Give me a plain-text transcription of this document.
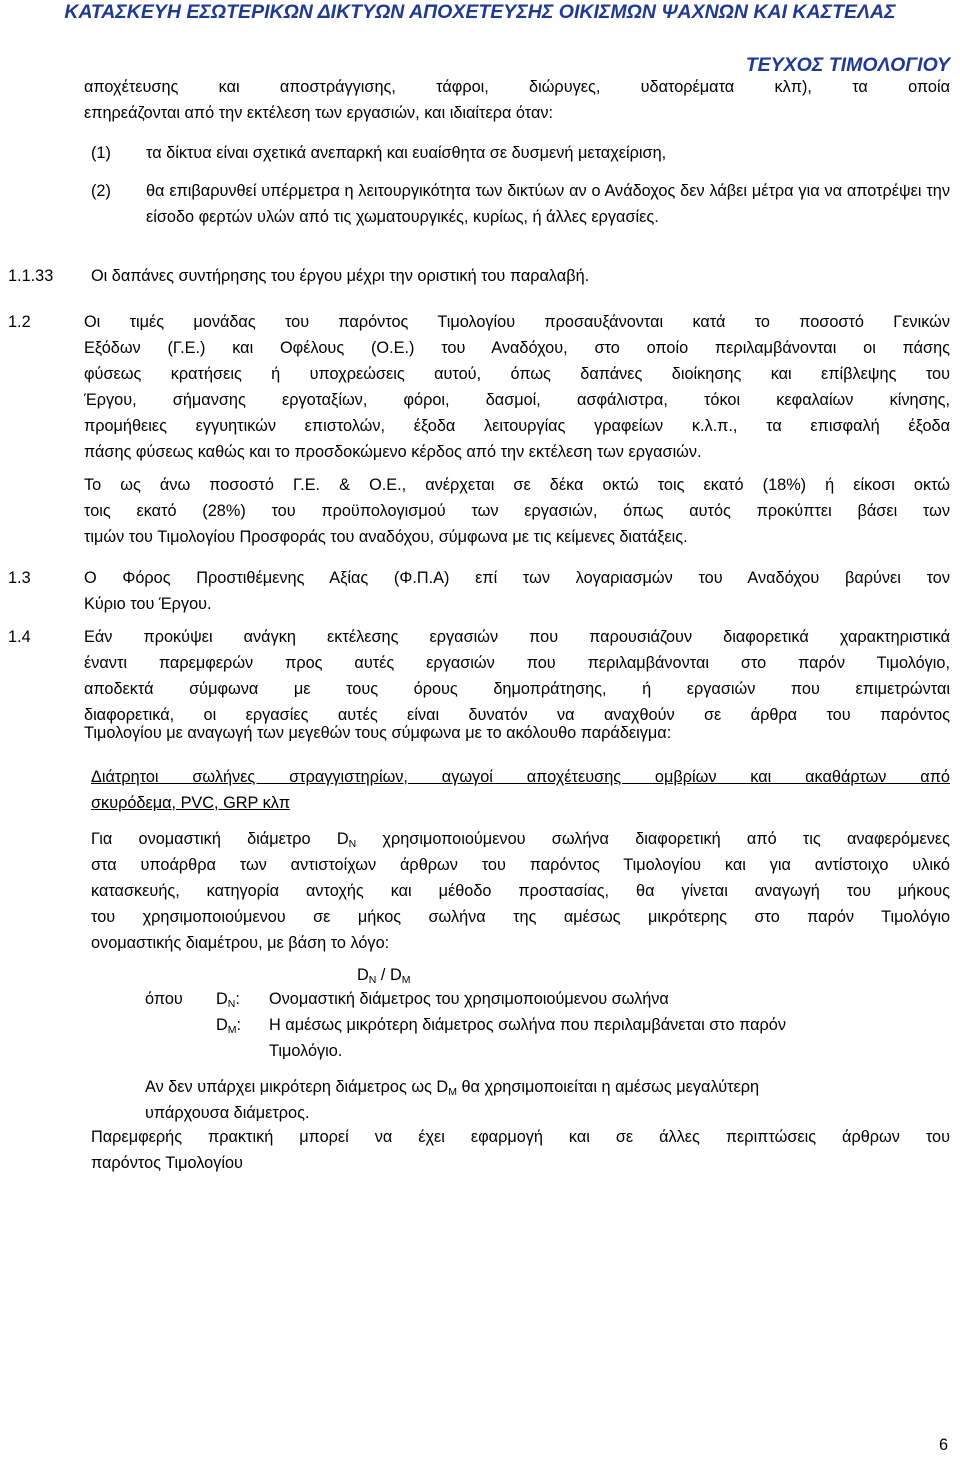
ΚΑΤΑΣΚΕΥΗ ΕΣΩΤΕΡΙΚΩΝ ΔΙΚΤΥΩΝ ΑΠΟΧΕΤΕΥΣΗΣ ΟΙΚΙΣΜΩΝ ΨΑΧΝΩΝ ΚΑΙ ΚΑΣΤΕΛΑΣ
ΤΕΥΧΟΣ ΤΙΜΟΛΟΓΙΟΥ
αποχέτευσης και αποστράγγισης, τάφροι, διώρυγες, υδατορέματα κλπ), τα οποία
επηρεάζονται από την εκτέλεση των εργασιών, και ιδιαίτερα όταν:
(1) τα δίκτυα είναι σχετικά ανεπαρκή και ευαίσθητα σε δυσμενή μεταχείριση,
(2) θα επιβαρυνθεί υπέρμετρα η λειτουργικότητα των δικτύων αν ο Ανάδοχος δεν λάβει μέτρα για να αποτρέψει την είσοδο φερτών υλών από τις χωματουργικές, κυρίως, ή άλλες εργασίες.
1.1.33 Οι δαπάνες συντήρησης του έργου μέχρι την οριστική του παραλαβή.
1.2	Οι τιμές μονάδας του παρόντος Τιμολογίου προσαυξάνονται κατά το ποσοστό Γενικών
Εξόδων (Γ.Ε.) και Οφέλους (Ο.Ε.) του Αναδόχου, στο οποίο περιλαμβάνονται οι πάσης
φύσεως κρατήσεις ή υποχρεώσεις αυτού, όπως δαπάνες διοίκησης και επίβλεψης του
Έργου, σήμανσης εργοταξίων, φόροι, δασμοί, ασφάλιστρα, τόκοι κεφαλαίων κίνησης,
προμήθειες εγγυητικών επιστολών, έξοδα λειτουργίας γραφείων κ.λ.π., τα επισφαλή έξοδα
πάσης φύσεως καθώς και το προσδοκώμενο κέρδος από την εκτέλεση των εργασιών.
Το ως άνω ποσοστό Γ.Ε. & Ο.Ε., ανέρχεται σε δέκα οκτώ τοις εκατό (18%) ή είκοσι οκτώ
τοις εκατό (28%) του προϋπολογισμού των εργασιών, όπως αυτός προκύπτει βάσει των
τιμών του Τιμολογίου Προσφοράς του αναδόχου, σύμφωνα με τις κείμενες διατάξεις.
1.3	Ο Φόρος Προστιθέμενης Αξίας (Φ.Π.Α) επί των λογαριασμών του Αναδόχου βαρύνει τον
Κύριο του Έργου.
1.4	Εάν προκύψει ανάγκη εκτέλεσης εργασιών που παρουσιάζουν διαφορετικά χαρακτηριστικά
έναντι παρεμφερών προς αυτές εργασιών που περιλαμβάνονται στο παρόν Τιμολόγιο,
αποδεκτά σύμφωνα με τους όρους δημοπράτησης, ή εργασιών που επιμετρώνται
διαφορετικά, οι εργασίες αυτές είναι δυνατόν να αναχθούν σε άρθρα του παρόντος
Τιμολογίου με αναγωγή των μεγεθών τους σύμφωνα με το ακόλουθο παράδειγμα:
Διάτρητοι σωλήνες στραγγιστηρίων, αγωγοί αποχέτευσης ομβρίων και ακαθάρτων από
σκυρόδεμα, PVC, GRP κλπ
Για ονομαστική διάμετρο $D_N$ χρησιμοποιούμενου σωλήνα διαφορετική από τις αναφερόμενες
στα υποάρθρα των αντιστοίχων άρθρων του παρόντος Τιμολογίου και για αντίστοιχο υλικό
κατασκευής, κατηγορία αντοχής και μέθοδο προστασίας, θα γίνεται αναγωγή του μήκους
του χρησιμοποιούμενου σε μήκος σωλήνα της αμέσως μικρότερης στο παρόν Τιμολόγιο
ονομαστικής διαμέτρου, με βάση το λόγο:
$D_N / D_M$
όπου $D_N$: Ονομαστική διάμετρος του χρησιμοποιούμενου σωλήνα
$D_M$: Η αμέσως μικρότερη διάμετρος σωλήνα που περιλαμβάνεται στο παρόν
Τιμολόγιο.
Αν δεν υπάρχει μικρότερη διάμετρος ως $D_M$ θα χρησιμοποιείται η αμέσως μεγαλύτερη
υπάρχουσα διάμετρος.
Παρεμφερής πρακτική μπορεί να έχει εφαρμογή και σε άλλες περιπτώσεις άρθρων του
παρόντος Τιμολογίου
6
